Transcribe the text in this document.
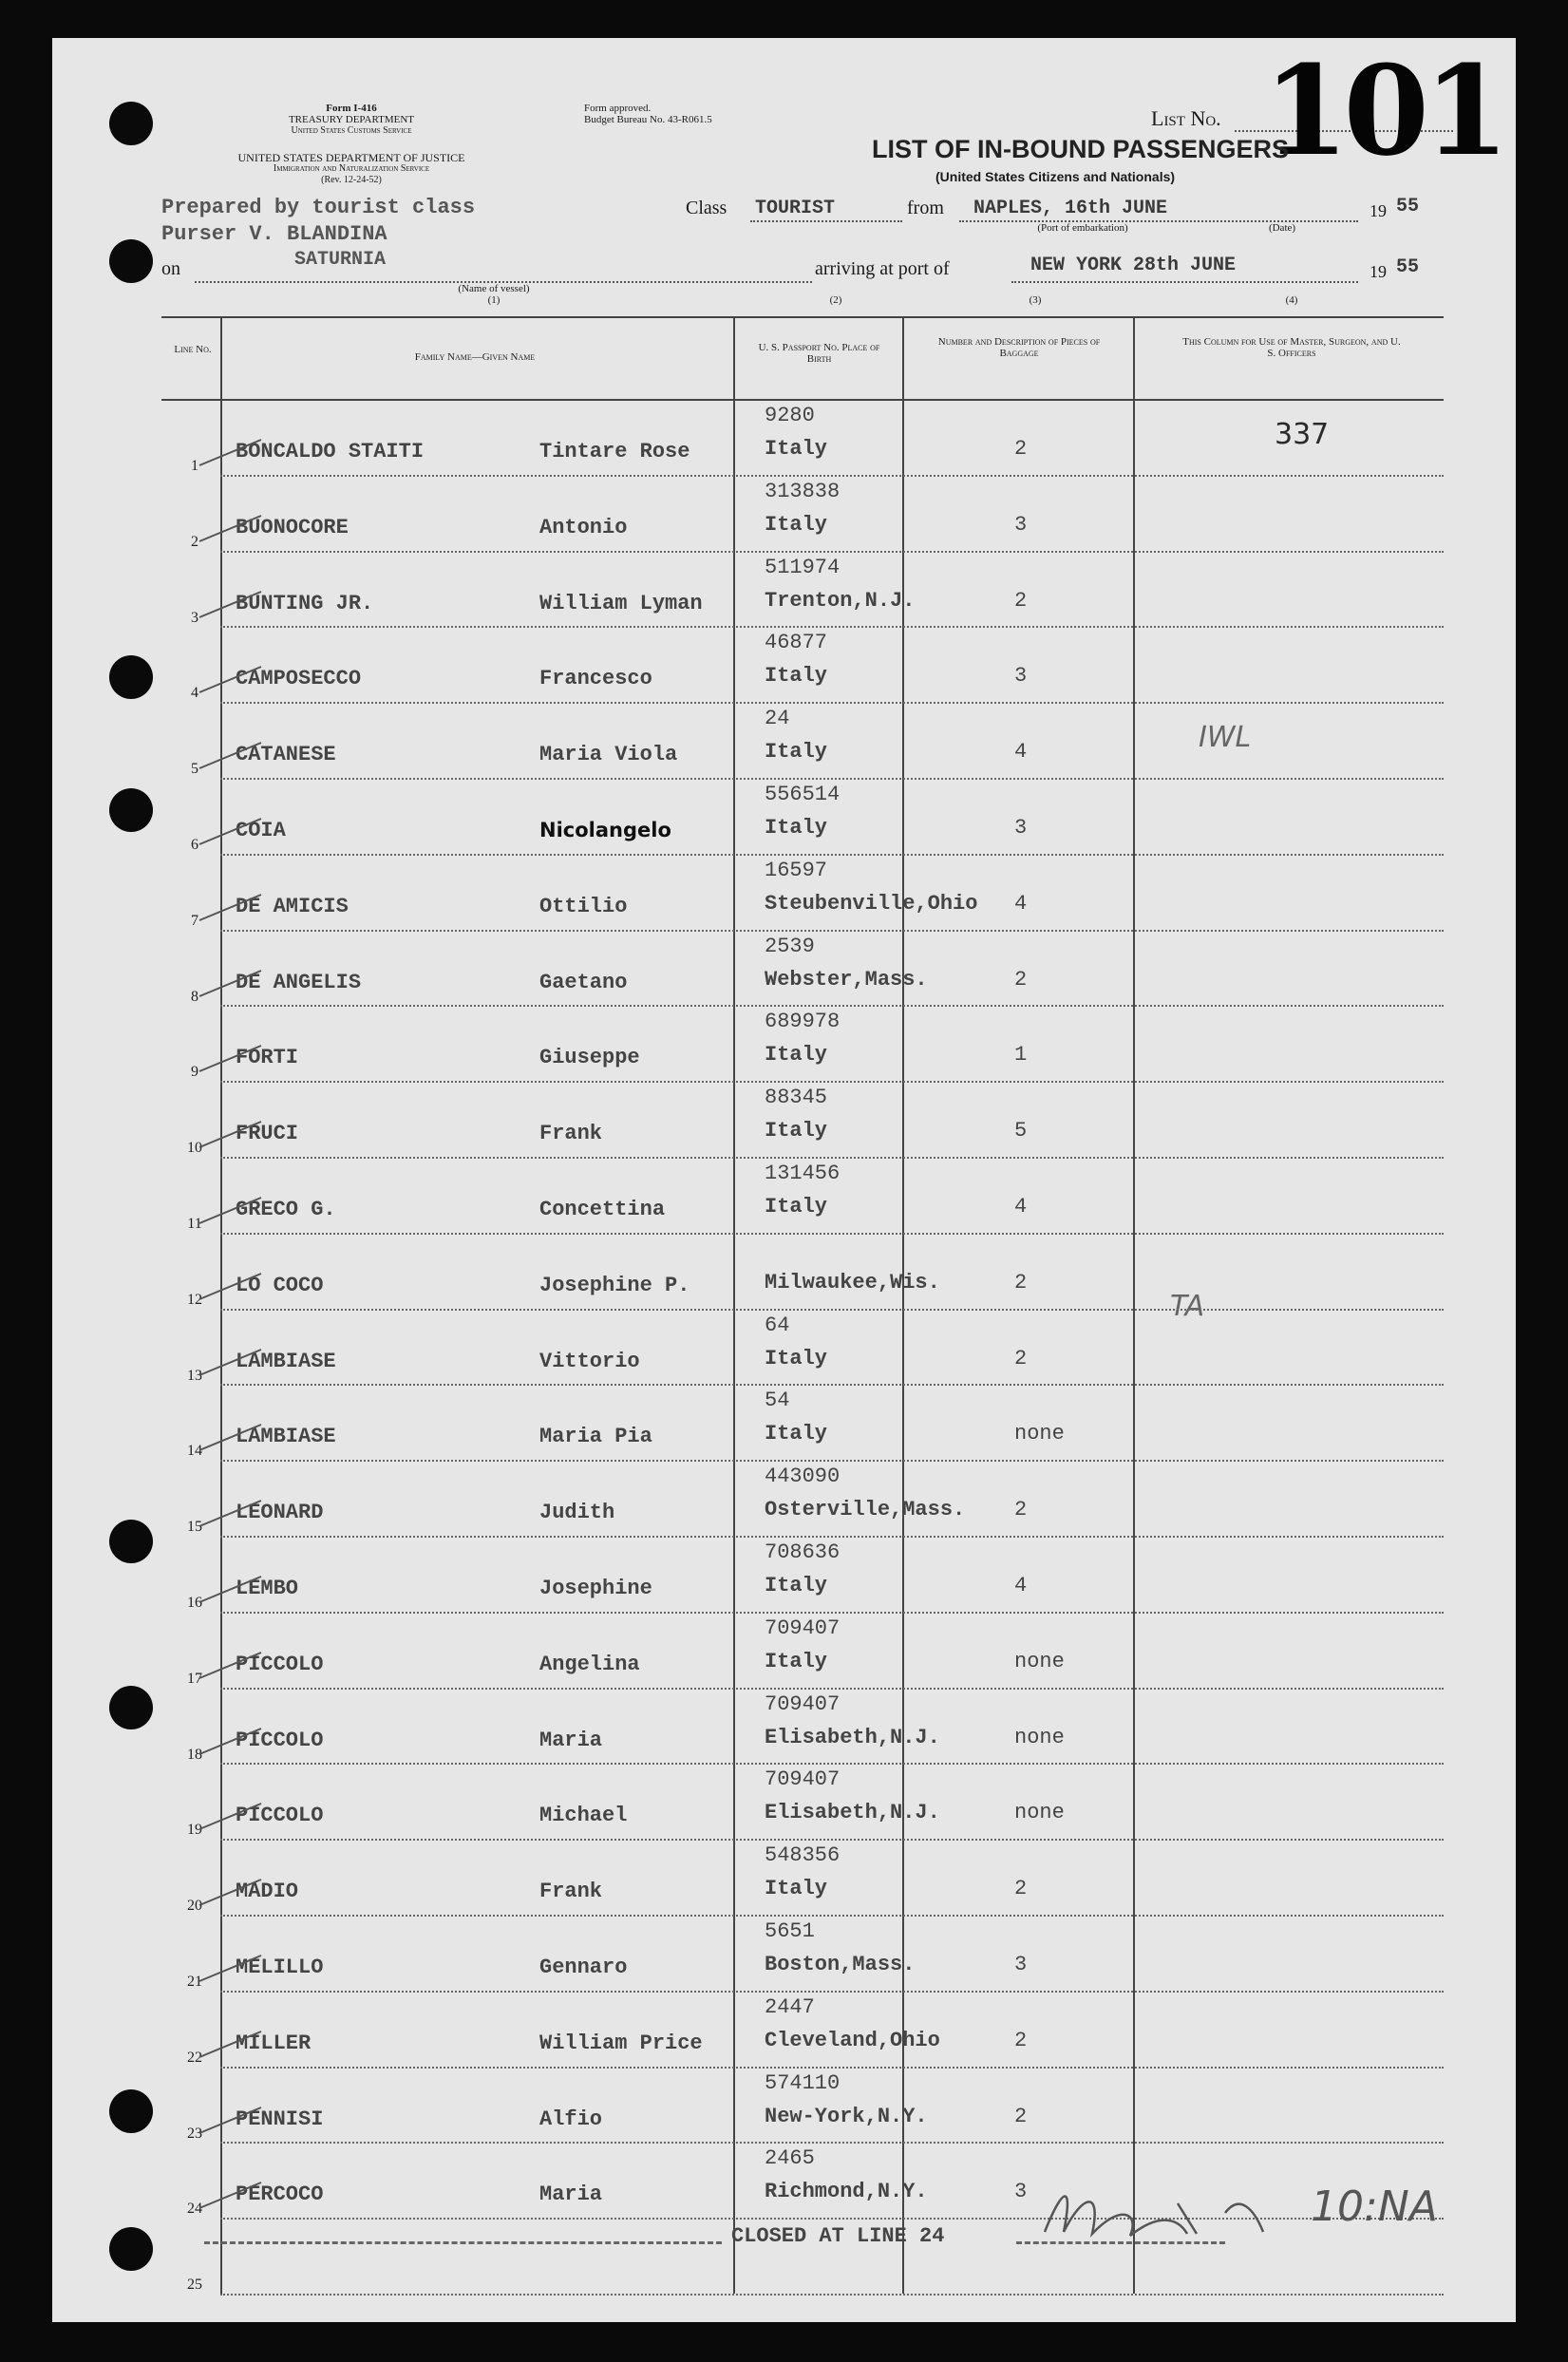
Form I-416
TREASURY DEPARTMENT
United States Customs Service
Form approved.
Budget Bureau No. 43-R061.5
UNITED STATES DEPARTMENT OF JUSTICE
Immigration and Naturalization Service
(Rev. 12-24-52)
List No. 101
LIST OF IN-BOUND PASSENGERS
(United States Citizens and Nationals)
Prepared by tourist class
Purser V. BLANDINA
Class TOURIST	from NAPLES, 16th JUNE	19 55
(Port of embarkation)	(Date)
on	SATURNIA	arriving at port of	NEW YORK 28th JUNE	19 55
(Name of vessel)
(1)	(2)	(3)	(4)
Line No.
Family Name—Given Name
U. S. Passport No. Place of Birth
Number and Description of Pieces of Baggage
This Column for Use of Master, Surgeon, and U. S. Officers
1
BONCALDO STAITI	Tintare Rose
9280
Italy	2	337
2
BUONOCORE	Antonio
313838
Italy	3
3
BUNTING JR.	William Lyman
511974
Trenton,N.J.	2
4
CAMPOSECCO	Francesco
46877
Italy	3
5
CATANESE	Maria Viola
24
Italy	4	IWL
6
COIA	Nicolangelo
556514
Italy	3
7
DE AMICIS	Ottilio
16597
Steubenville,Ohio 4
8
DE ANGELIS	Gaetano
2539
Webster,Mass.	2
9
FORTI	Giuseppe
689978
Italy	1
10
FRUCI	Frank
88345
Italy	5
11
GRECO G.	Concettina
131456
Italy	4
12
LO COCO	Josephine P.	Milwaukee,Wis.	2
13
LAMBIASE	Vittorio
64
Italy	2
TA
14
LAMBIASE	Maria Pia
54
Italy	none
15
LEONARD	Judith
443090
Osterville,Mass. 2
16
LEMBO	Josephine
708636
Italy	4
17
PICCOLO	Angelina
709407
Italy	none
18
PICCOLO	Maria
709407
Elisabeth,N.J.	none
19
PICCOLO	Michael
709407
Elisabeth,N.J.	none
20
MADIO	Frank
548356
Italy	2
21
MELILLO	Gennaro
5651
Boston,Mass.	3
22
MILLER	William Price
2447
Cleveland,Ohio	2
23
PENNISI	Alfio
574110
New-York,N.Y.	2
24
PERCOCO	Maria
2465
Richmond,N.Y.	3
25
CLOSED AT LINE 24
10:NA
